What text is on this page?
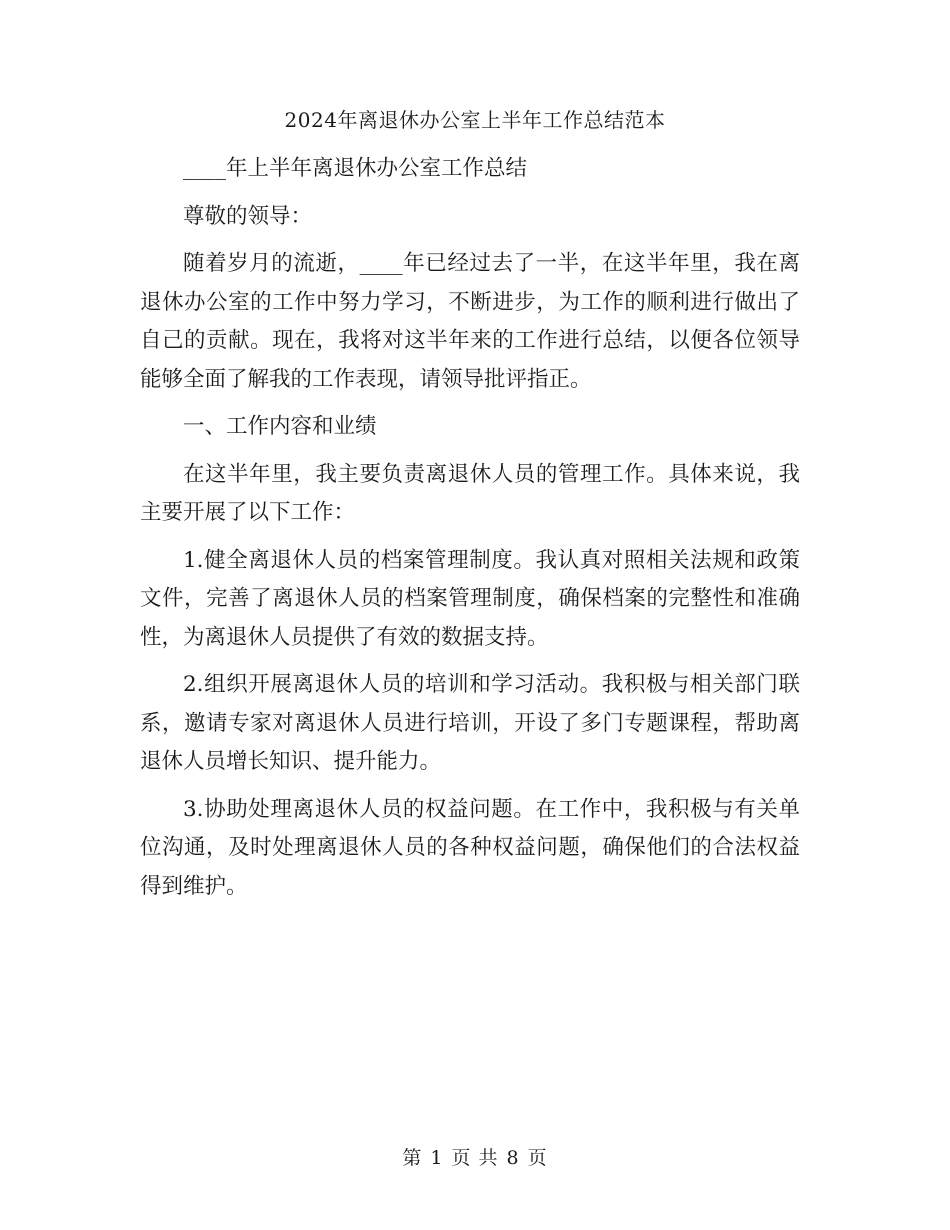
2024年离退休办公室上半年工作总结范本

____年上半年离退休办公室工作总结

尊敬的领导：

随着岁月的流逝，____年已经过去了一半，在这半年里，我在离退休办公室的工作中努力学习，不断进步，为工作的顺利进行做出了自己的贡献。现在，我将对这半年来的工作进行总结，以便各位领导能够全面了解我的工作表现，请领导批评指正。

一、工作内容和业绩

在这半年里，我主要负责离退休人员的管理工作。具体来说，我主要开展了以下工作：

1.健全离退休人员的档案管理制度。我认真对照相关法规和政策文件，完善了离退休人员的档案管理制度，确保档案的完整性和准确性，为离退休人员提供了有效的数据支持。

2.组织开展离退休人员的培训和学习活动。我积极与相关部门联系，邀请专家对离退休人员进行培训，开设了多门专题课程，帮助离退休人员增长知识、提升能力。

3.协助处理离退休人员的权益问题。在工作中，我积极与有关单位沟通，及时处理离退休人员的各种权益问题，确保他们的合法权益得到维护。

第 1 页 共 8 页
